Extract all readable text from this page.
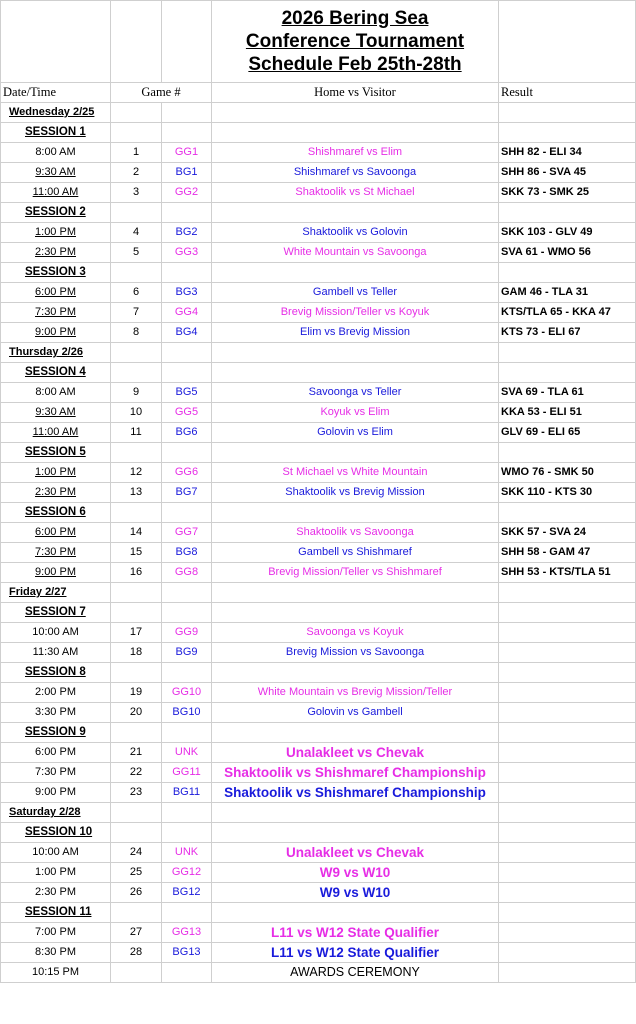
			2026 Bering Sea
Conference Tournament
Schedule Feb 25th-28th	

Date/Time	Game #		Home vs Visitor	Result
Wednesday 2/25				
SESSION 1				
8:00 AM	1	GG1	Shishmaref vs Elim	SHH 82 - ELI 34
9:30 AM	2	BG1	Shishmaref vs Savoonga	SHH 86 - SVA 45
11:00 AM	3	GG2	Shaktoolik vs St Michael	SKK 73 - SMK 25
SESSION 2				
1:00 PM	4	BG2	Shaktoolik vs Golovin	SKK 103 - GLV 49
2:30 PM	5	GG3	White Mountain vs Savoonga	SVA 61 - WMO 56
SESSION 3				
6:00 PM	6	BG3	Gambell vs Teller	GAM 46 - TLA 31
7:30 PM	7	GG4	Brevig Mission/Teller vs Koyuk	KTS/TLA 65 - KKA 47
9:00 PM	8	BG4	Elim vs Brevig Mission	KTS 73 - ELI 67
Thursday 2/26				
SESSION 4				
8:00 AM	9	BG5	Savoonga vs Teller	SVA 69 - TLA 61
9:30 AM	10	GG5	Koyuk vs Elim	KKA 53 - ELI 51
11:00 AM	11	BG6	Golovin vs Elim	GLV 69 - ELI 65
SESSION 5				
1:00 PM	12	GG6	St Michael vs White Mountain	WMO 76 - SMK 50
2:30 PM	13	BG7	Shaktoolik vs Brevig Mission	SKK 110 - KTS 30
SESSION 6				
6:00 PM	14	GG7	Shaktoolik vs Savoonga	SKK 57 - SVA 24
7:30 PM	15	BG8	Gambell vs Shishmaref	SHH 58 - GAM 47
9:00 PM	16	GG8	Brevig Mission/Teller vs Shishmaref	SHH 53 - KTS/TLA 51
Friday 2/27				
SESSION 7				
10:00 AM	17	GG9	Savoonga vs Koyuk	
11:30 AM	18	BG9	Brevig Mission vs Savoonga	
SESSION 8				
2:00 PM	19	GG10	White Mountain vs Brevig Mission/Teller	
3:30 PM	20	BG10	Golovin vs Gambell	
SESSION 9				
6:00 PM	21	UNK	Unalakleet vs Chevak	
7:30 PM	22	GG11	Shaktoolik vs Shishmaref Championship	
9:00 PM	23	BG11	Shaktoolik vs Shishmaref Championship	
Saturday 2/28				
SESSION 10				
10:00 AM	24	UNK	Unalakleet vs Chevak	
1:00 PM	25	GG12	W9 vs W10	
2:30 PM	26	BG12	W9 vs W10	
SESSION 11				
7:00 PM	27	GG13	L11 vs W12 State Qualifier	
8:30 PM	28	BG13	L11 vs W12 State Qualifier	
10:15 PM			AWARDS CEREMONY	
